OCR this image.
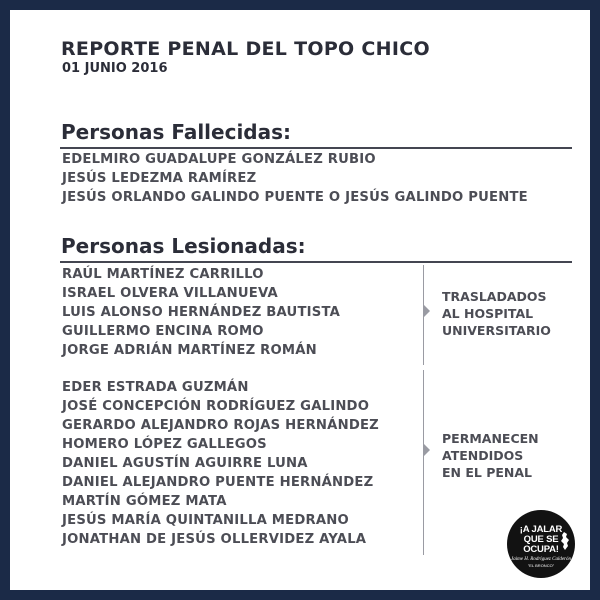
REPORTE PENAL DEL TOPO CHICO
01 JUNIO 2016
Personas Fallecidas:
EDELMIRO GUADALUPE GONZÁLEZ RUBIO
JESÚS LEDEZMA RAMÍREZ
JESÚS ORLANDO GALINDO PUENTE O JESÚS GALINDO PUENTE
Personas Lesionadas:
RAÚL MARTÍNEZ CARRILLO
ISRAEL OLVERA VILLANUEVA
LUIS ALONSO HERNÁNDEZ BAUTISTA
GUILLERMO ENCINA ROMO
JORGE ADRIÁN MARTÍNEZ ROMÁN
TRASLADADOS
AL HOSPITAL
UNIVERSITARIO
EDER ESTRADA GUZMÁN
JOSÉ CONCEPCIÓN RODRÍGUEZ GALINDO
GERARDO ALEJANDRO ROJAS HERNÁNDEZ
HOMERO LÓPEZ GALLEGOS
DANIEL AGUSTÍN AGUIRRE LUNA
DANIEL ALEJANDRO PUENTE HERNÁNDEZ
MARTÍN GÓMEZ MATA
JESÚS MARÍA QUINTANILLA MEDRANO
JONATHAN DE JESÚS OLLERVIDEZ AYALA
PERMANECEN
ATENDIDOS
EN EL PENAL
¡A JALAR
QUE SE OCUPA!
Jaime H. Rodríguez Calderón
"EL BRONCO"
